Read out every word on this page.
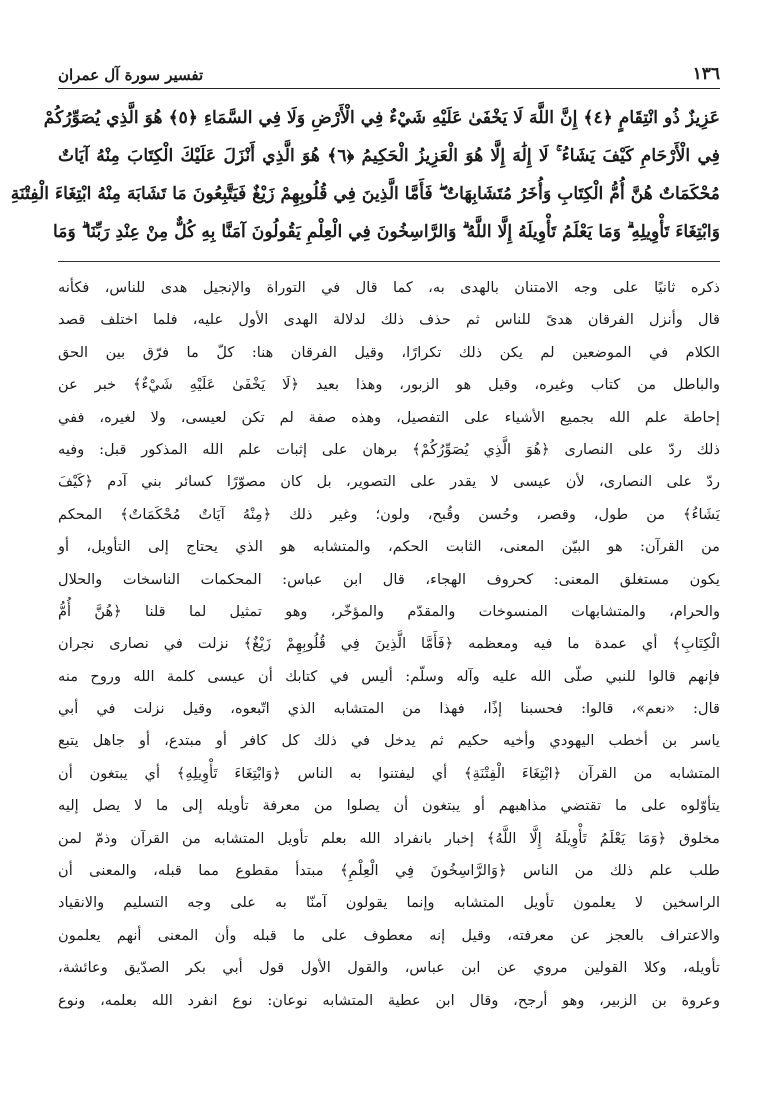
١٣٦
تفسير سورة آل عمران
عَزِيزٌ ذُو انْتِقَامٍ ﴿٤﴾ إِنَّ اللَّهَ لَا يَخْفَىٰ عَلَيْهِ شَيْءٌ فِي الْأَرْضِ وَلَا فِي السَّمَاءِ ﴿٥﴾ هُوَ الَّذِي يُصَوِّرُكُمْ
فِي الْأَرْحَامِ كَيْفَ يَشَاءُ ۚ لَا إِلَٰهَ إِلَّا هُوَ الْعَزِيزُ الْحَكِيمُ ﴿٦﴾ هُوَ الَّذِي أَنْزَلَ عَلَيْكَ الْكِتَابَ مِنْهُ آيَاتٌ
مُحْكَمَاتٌ هُنَّ أُمُّ الْكِتَابِ وَأُخَرُ مُتَشَابِهَاتٌ ۖ فَأَمَّا الَّذِينَ فِي قُلُوبِهِمْ زَيْغٌ فَيَتَّبِعُونَ مَا تَشَابَهَ مِنْهُ ابْتِغَاءَ الْفِتْنَةِ
وَابْتِغَاءَ تَأْوِيلِهِ ۗ وَمَا يَعْلَمُ تَأْوِيلَهُ إِلَّا اللَّهُ ۗ وَالرَّاسِخُونَ فِي الْعِلْمِ يَقُولُونَ آمَنَّا بِهِ كُلٌّ مِنْ عِنْدِ رَبِّنَا ۗ وَمَا
ذكره ثانيًا على وجه الامتنان بالهدى به، كما قال في التوراة والإنجيل هدى للناس، فكأنه
قال وأنزل الفرقان هدىً للناس ثم حذف ذلك لدلالة الهدى الأول عليه، فلما اختلف قصد
الكلام في الموضعين لم يكن ذلك تكرارًا، وقيل الفرقان هنا: كلّ ما فرّق بين الحق
والباطل من كتاب وغيره، وقيل هو الزبور، وهذا بعيد ﴿لَا يَخْفَىٰ عَلَيْهِ شَيْءٌ﴾ خبر عن
إحاطة علم الله بجميع الأشياء على التفصيل، وهذه صفة لم تكن لعيسى، ولا لغيره، ففي
ذلك ردّ على النصارى ﴿هُوَ الَّذِي يُصَوِّرُكُمْ﴾ برهان على إثبات علم الله المذكور قبل: وفيه
ردّ على النصارى، لأن عيسى لا يقدر على التصوير، بل كان مصوّرًا كسائر بني آدم ﴿كَيْفَ
يَشَاءُ﴾ من طول، وقصر، وحُسن وقُبح، ولون؛ وغير ذلك ﴿مِنْهُ آيَاتٌ مُحْكَمَاتٌ﴾ المحكم
من القرآن: هو البيّن المعنى، الثابت الحكم، والمتشابه هو الذي يحتاج إلى التأويل، أو
يكون مستغلق المعنى: كحروف الهجاء، قال ابن عباس: المحكمات الناسخات والحلال
والحرام، والمتشابهات المنسوخات والمقدّم والمؤخّر، وهو تمثيل لما قلنا ﴿هُنَّ أُمُّ
الْكِتَابِ﴾ أي عمدة ما فيه ومعظمه ﴿فَأَمَّا الَّذِينَ فِي قُلُوبِهِمْ زَيْغٌ﴾ نزلت في نصارى نجران
فإنهم قالوا للنبي صلّى الله عليه وآله وسلّم: أليس في كتابك أن عيسى كلمة الله وروح منه
قال: «نعم»، قالوا: فحسبنا إذًا، فهذا من المتشابه الذي اتّبعوه، وقيل نزلت في أبي
ياسر بن أخطب اليهودي وأخيه حكيم ثم يدخل في ذلك كل كافر أو مبتدع، أو جاهل يتبع
المتشابه من القرآن ﴿ابْتِغَاءَ الْفِتْنَةِ﴾ أي ليفتنوا به الناس ﴿وَابْتِغَاءَ تَأْوِيلِهِ﴾ أي يبتغون أن
يتأوّلوه على ما تقتضي مذاهبهم أو يبتغون أن يصلوا من معرفة تأويله إلى ما لا يصل إليه
مخلوق ﴿وَمَا يَعْلَمُ تَأْوِيلَهُ إِلَّا اللَّهُ﴾ إخبار بانفراد الله بعلم تأويل المتشابه من القرآن وذمّ لمن
طلب علم ذلك من الناس ﴿وَالرَّاسِخُونَ فِي الْعِلْمِ﴾ مبتدأ مقطوع مما قبله، والمعنى أن
الراسخين لا يعلمون تأويل المتشابه وإنما يقولون آمنّا به على وجه التسليم والانقياد
والاعتراف بالعجز عن معرفته، وقيل إنه معطوف على ما قبله وأن المعنى أنهم يعلمون
تأويله، وكلا القولين مروي عن ابن عباس، والقول الأول قول أبي بكر الصدّيق وعائشة،
وعروة بن الزبير، وهو أرجح، وقال ابن عطية المتشابه نوعان: نوع انفرد الله بعلمه، ونوع
